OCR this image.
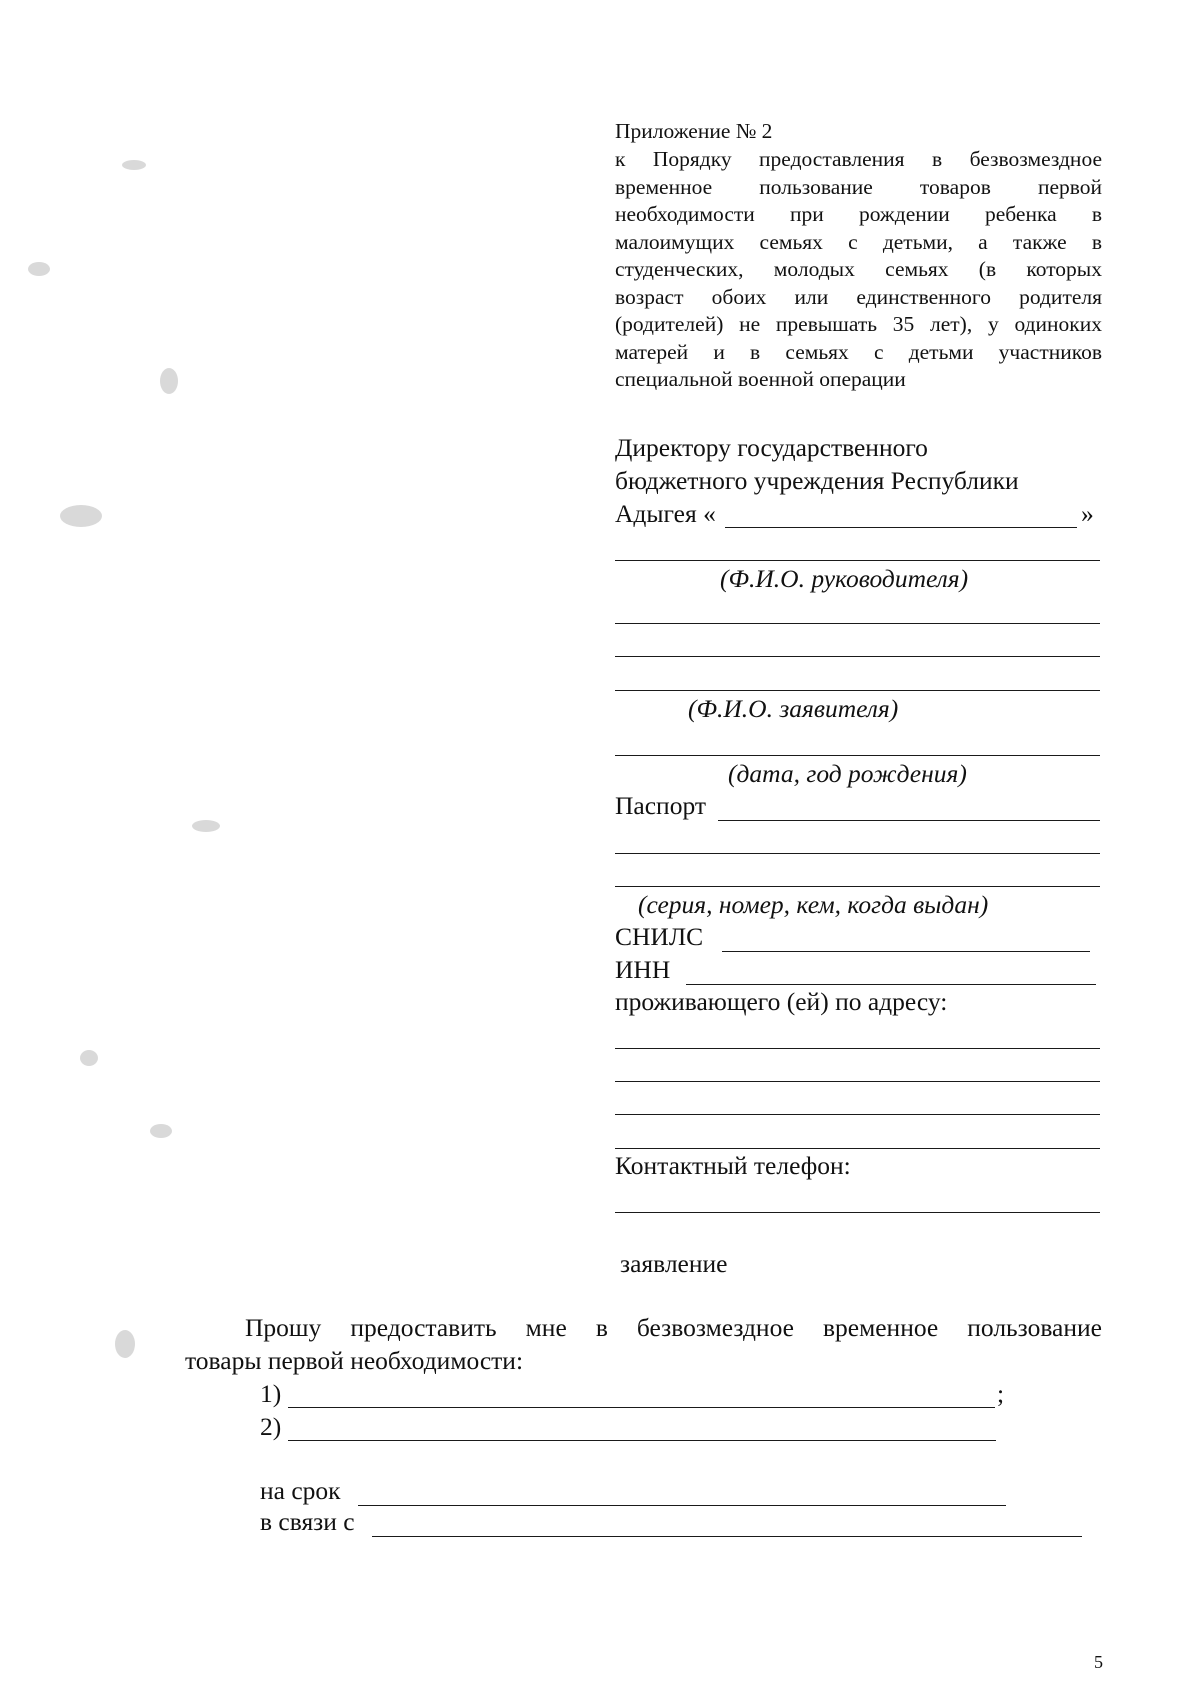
Приложение № 2
к Порядку предоставления в безвозмездное
временное пользование товаров первой
необходимости при рождении ребенка в
малоимущих семьях с детьми, а также в
студенческих, молодых семьях (в которых
возраст обоих или единственного родителя
(родителей) не превышать 35 лет), у одиноких
матерей и в семьях с детьми участников
специальной военной операции
Директору государственного
бюджетного учреждения Республики
Адыгея «	»
(Ф.И.О. руководителя)
(Ф.И.О. заявителя)
(дата, год рождения)
Паспорт
(серия, номер, кем, когда выдан)
СНИЛС
ИНН
проживающего (ей) по адресу:
Контактный телефон:
заявление
Прошу предоставить мне в безвозмездное временное пользование
товары первой необходимости:
1)	;
2)
на срок
в связи с
5
